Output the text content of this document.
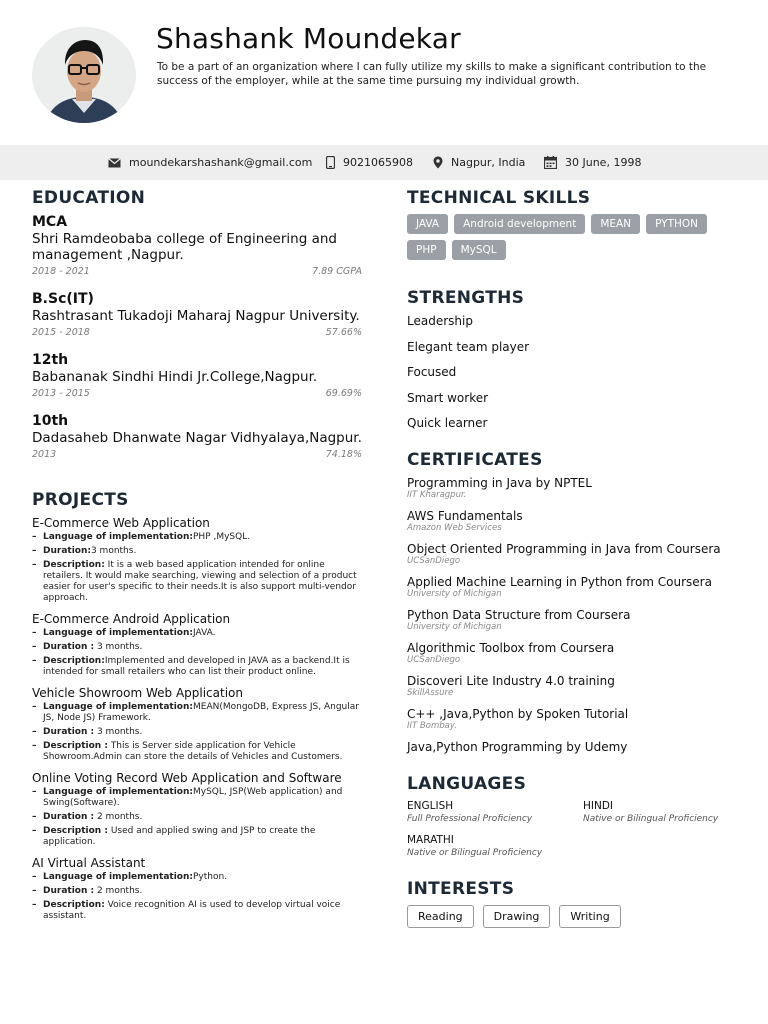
Shashank Moundekar

To be a part of an organization where I can fully utilize my skills to make a significant contribution to the success of the employer, while at the same time pursuing my individual growth.

moundekarshashank@gmail.com	9021065908	Nagpur, India	30 June, 1998
EDUCATION
MCA
Shri Ramdeobaba college of Engineering and management ,Nagpur.
2018 - 2021	7.89 CGPA
B.Sc(IT)
Rashtrasant Tukadoji Maharaj Nagpur University.
2015 - 2018	57.66%
12th
Babananak Sindhi Hindi Jr.College,Nagpur.
2013 - 2015	69.69%
10th
Dadasaheb Dhanwate Nagar Vidhyalaya,Nagpur.
2013	74.18%
PROJECTS
E-Commerce Web Application
– Language of implementation:PHP ,MySQL.
– Duration:3 months.
– Description: It is a web based application intended for online retailers. It would make searching, viewing and selection of a product easier for user's specific to their needs.It is also support multi-vendor approach.
E-Commerce Android Application
– Language of implementation:JAVA.
– Duration : 3 months.
– Description:Implemented and developed in JAVA as a backend.It is intended for small retailers who can list their product online.
Vehicle Showroom Web Application
– Language of implementation:MEAN(MongoDB, Express JS, Angular JS, Node JS) Framework.
– Duration : 3 months.
– Description : This is Server side application for Vehicle Showroom.Admin can store the details of Vehicles and Customers.
Online Voting Record Web Application and Software
– Language of implementation:MySQL, JSP(Web application) and Swing(Software).
– Duration : 2 months.
– Description : Used and applied swing and JSP to create the application.
AI Virtual Assistant
– Language of implementation:Python.
– Duration : 2 months.
– Description: Voice recognition AI is used to develop virtual voice assistant.
TECHNICAL SKILLS
JAVA	Android development	MEAN	PYTHON
PHP	MySQL
STRENGTHS
Leadership
Elegant team player
Focused
Smart worker
Quick learner
CERTIFICATES
Programming in Java by NPTEL
IIT Kharagpur.
AWS Fundamentals
Amazon Web Services
Object Oriented Programming in Java from Coursera
UCSanDiego
Applied Machine Learning in Python from Coursera
University of Michigan
Python Data Structure from Coursera
University of Michigan
Algorithmic Toolbox from Coursera
UCSanDiego
Discoveri Lite Industry 4.0 training
SkillAssure
C++ ,Java,Python by Spoken Tutorial
IIT Bombay.
Java,Python Programming by Udemy
LANGUAGES
ENGLISH
Full Professional Proficiency
HINDI
Native or Bilingual Proficiency
MARATHI
Native or Bilingual Proficiency
INTERESTS
Reading	Drawing	Writing
